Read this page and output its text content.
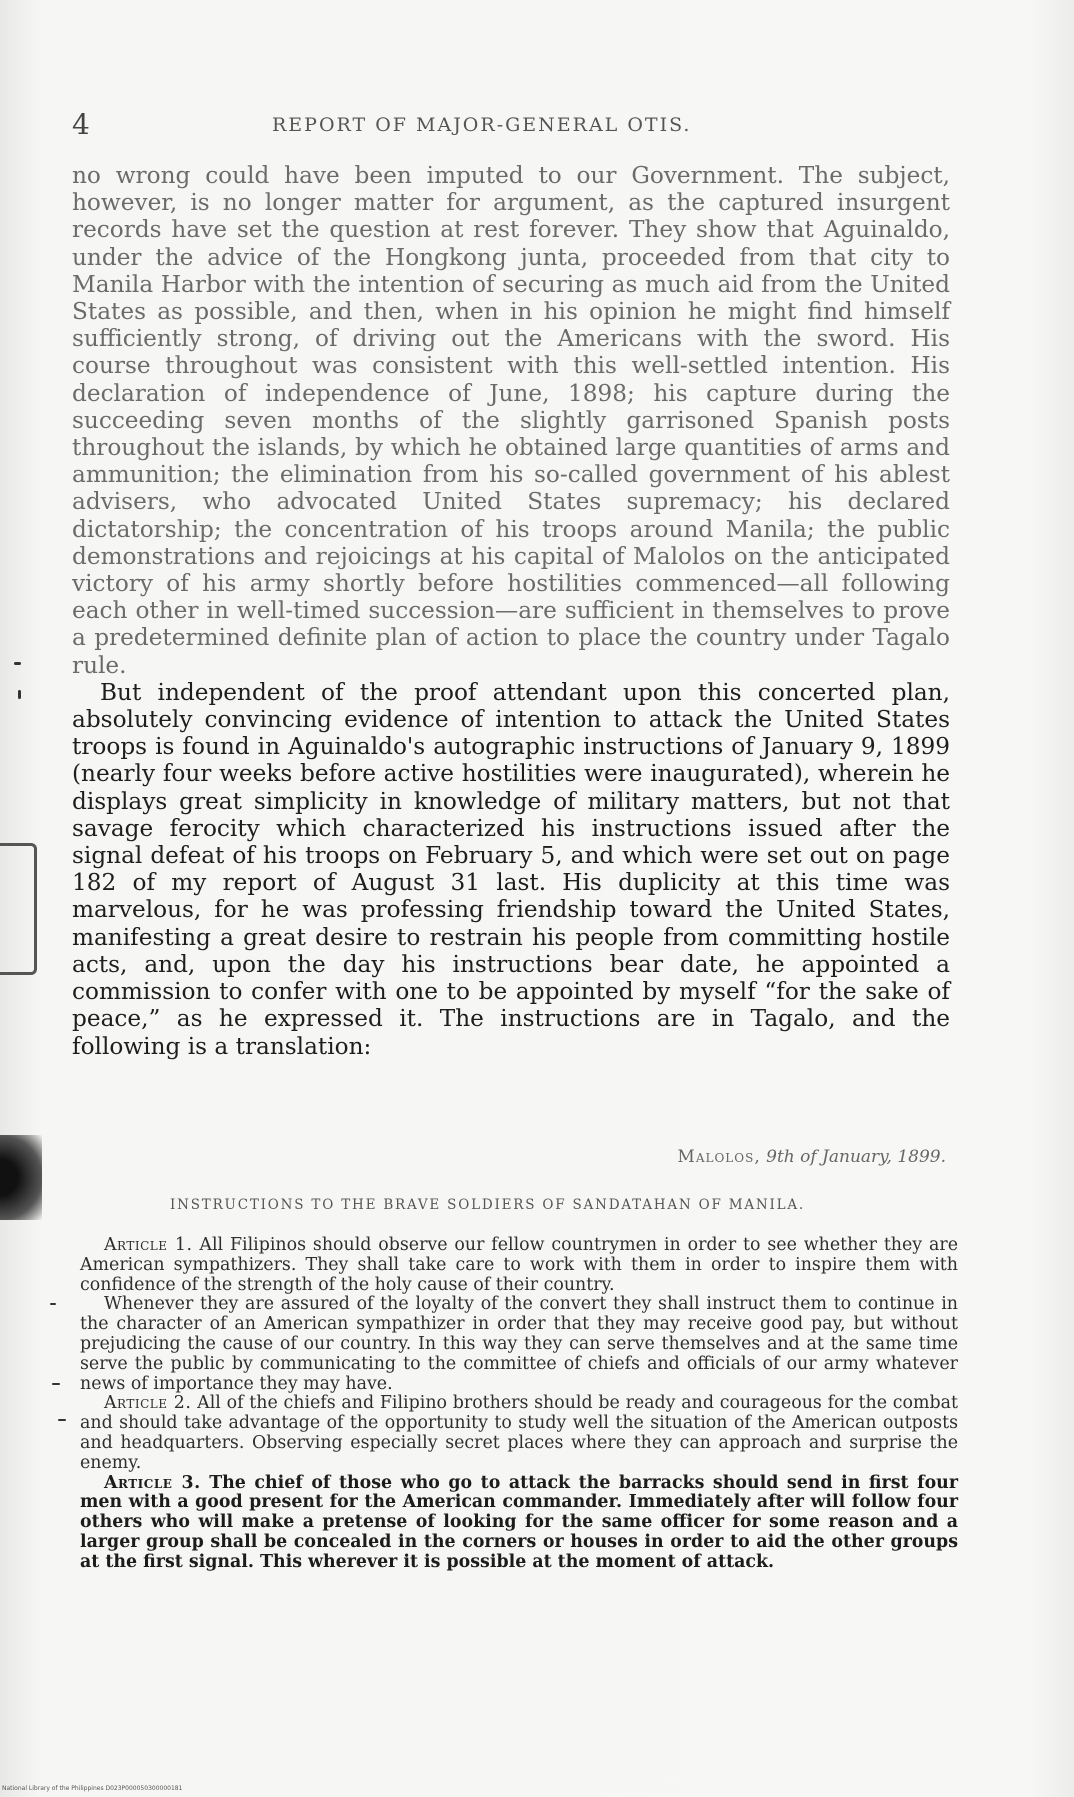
4	REPORT OF MAJOR-GENERAL OTIS.

no wrong could have been imputed to our Government. The subject, however, is no longer matter for argument, as the captured insurgent records have set the question at rest forever. They show that Aguinaldo, under the advice of the Hongkong junta, proceeded from that city to Manila Harbor with the intention of securing as much aid from the United States as possible, and then, when in his opinion he might find himself sufficiently strong, of driving out the Americans with the sword. His course throughout was consistent with this well-settled intention. His declaration of independence of June, 1898; his capture during the succeeding seven months of the slightly garrisoned Spanish posts throughout the islands, by which he obtained large quantities of arms and ammunition; the elimination from his so-called government of his ablest advisers, who advocated United States supremacy; his declared dictatorship; the concentration of his troops around Manila; the public demonstrations and rejoicings at his capital of Malolos on the anticipated victory of his army shortly before hostilities commenced—all following each other in well-timed succession—are sufficient in themselves to prove a predetermined definite plan of action to place the country under Tagalo rule.

But independent of the proof attendant upon this concerted plan, absolutely convincing evidence of intention to attack the United States troops is found in Aguinaldo's autographic instructions of January 9, 1899 (nearly four weeks before active hostilities were inaugurated), wherein he displays great simplicity in knowledge of military matters, but not that savage ferocity which characterized his instructions issued after the signal defeat of his troops on February 5, and which were set out on page 182 of my report of August 31 last. His duplicity at this time was marvelous, for he was professing friendship toward the United States, manifesting a great desire to restrain his people from committing hostile acts, and, upon the day his instructions bear date, he appointed a commission to confer with one to be appointed by myself “for the sake of peace,” as he expressed it. The instructions are in Tagalo, and the following is a translation:

Malolos, 9th of January, 1899.
INSTRUCTIONS TO THE BRAVE SOLDIERS OF SANDATAHAN OF MANILA.

Article 1. All Filipinos should observe our fellow countrymen in order to see whether they are American sympathizers. They shall take care to work with them in order to inspire them with confidence of the strength of the holy cause of their country.

Whenever they are assured of the loyalty of the convert they shall instruct them to continue in the character of an American sympathizer in order that they may receive good pay, but without prejudicing the cause of our country. In this way they can serve themselves and at the same time serve the public by communicating to the committee of chiefs and officials of our army whatever news of importance they may have.

Article 2. All of the chiefs and Filipino brothers should be ready and courageous for the combat and should take advantage of the opportunity to study well the situation of the American outposts and headquarters. Observing especially secret places where they can approach and surprise the enemy.

Article 3. The chief of those who go to attack the barracks should send in first four men with a good present for the American commander. Immediately after will follow four others who will make a pretense of looking for the same officer for some reason and a larger group shall be concealed in the corners or houses in order to aid the other groups at the first signal. This wherever it is possible at the moment of attack.

National Library of the Philippines D023P000050300000181
